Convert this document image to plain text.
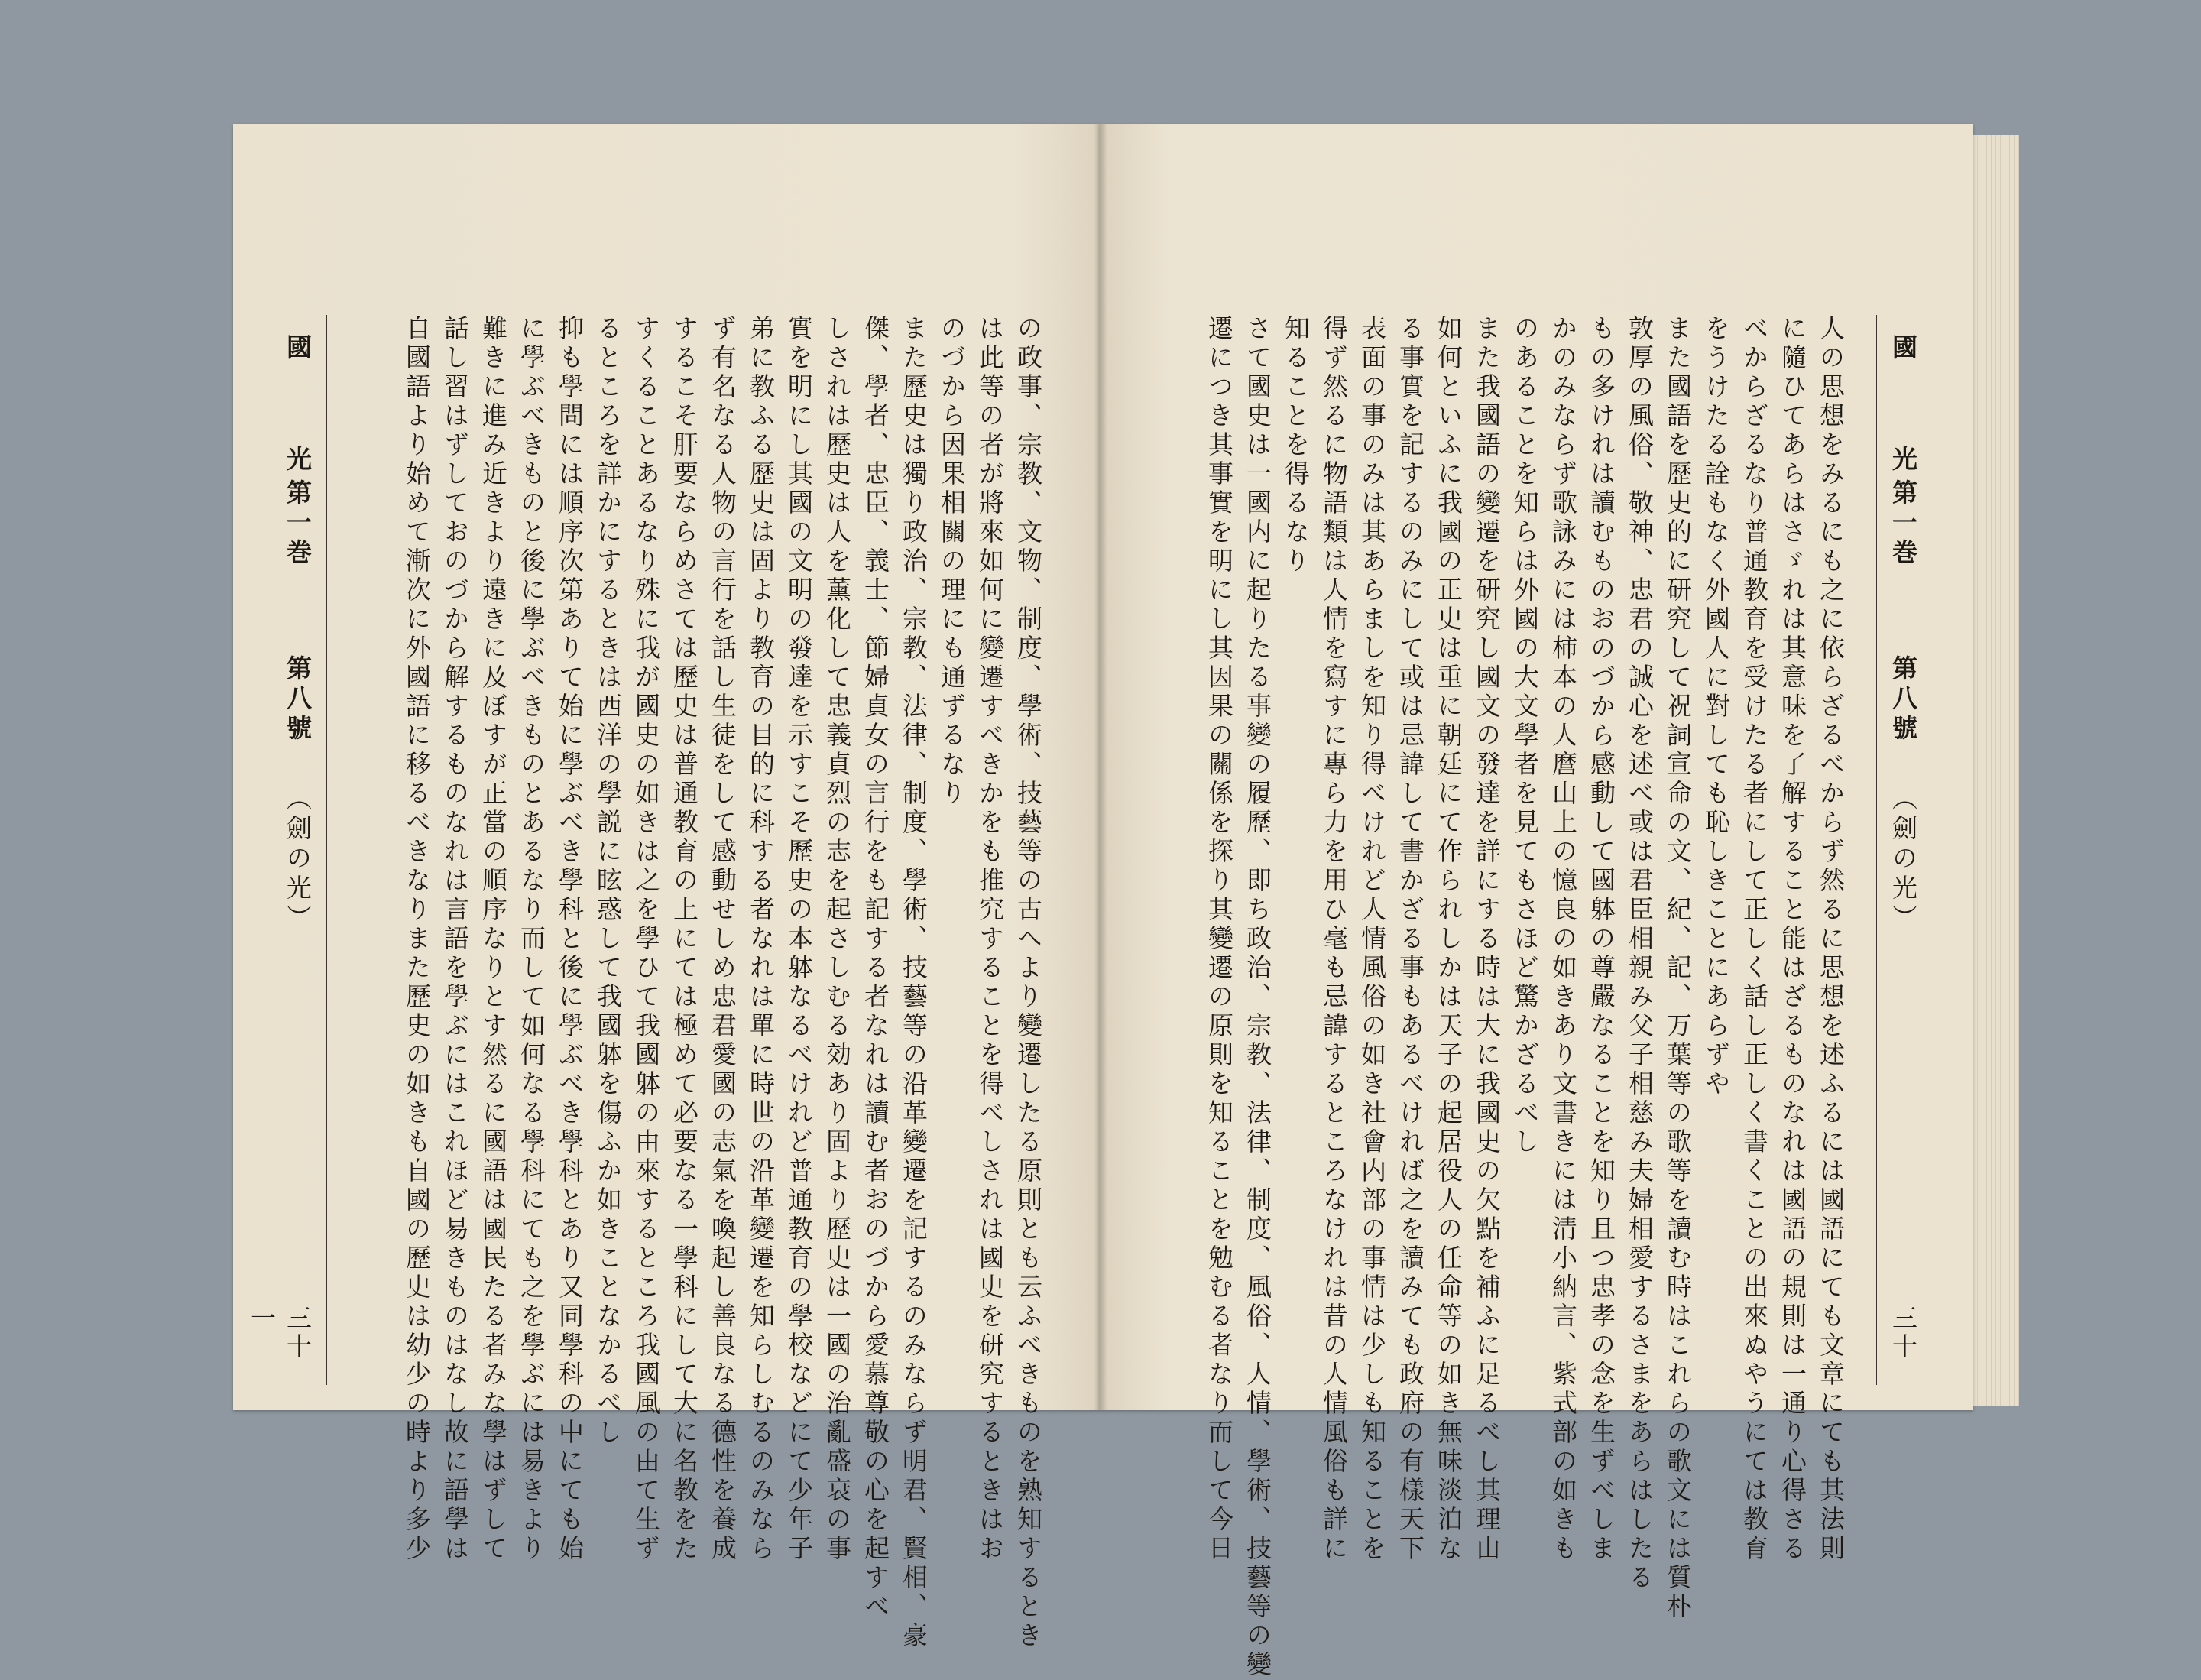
國　光
第一巻
第八號
（劍の光）
三十一	の政事、宗教、文物、制度、學術、技藝等の古へより變遷したる原則とも云ふべきものを熟知するとき

は此等の者が將來如何に變遷すべきかをも推究することを得べしされは國史を研究するときはお

のづから因果相關の理にも通ずるなり

また歷史は獨り政治、宗教、法律、制度、學術、技藝等の沿革變遷を記するのみならず明君、賢相、豪

傑、學者、忠臣、義士、節婦貞女の言行をも記する者なれは讀む者おのづから愛慕尊敬の心を起すべ

しされは歷史は人を薰化して忠義貞烈の志を起さしむる効あり固より歷史は一國の治亂盛衰の事

實を明にし其國の文明の發達を示すこそ歷史の本躰なるべけれど普通教育の學校などにて少年子

弟に教ふる歷史は固より教育の目的に科する者なれは單に時世の沿革變遷を知らしむるのみなら

ず有名なる人物の言行を話し生徒をして感動せしめ忠君愛國の志氣を喚起し善良なる德性を養成

するこそ肝要ならめさては歷史は普通教育の上にては極めて必要なる一學科にして大に名教をた

すくることあるなり殊に我が國史の如きは之を學ひて我國躰の由來するところ我國風の由て生ず

るところを詳かにするときは西洋の學説に眩惑して我國躰を傷ふか如きことなかるべし

抑も學問には順序次第ありて始に學ぶべき學科と後に學ぶべき學科とあり又同學科の中にても始

に學ぶべきものと後に學ぶべきものとあるなり而して如何なる學科にても之を學ぶには易きより

難きに進み近きより遠きに及ぼすが正當の順序なりとす然るに國語は國民たる者みな學はずして

話し習はずしておのづから解するものなれは言語を學ぶにはこれほど易きものはなし故に語學は

自國語より始めて漸次に外國語に移るべきなりまた歷史の如きも自國の歷史は幼少の時より多少	國　光
第一巻
第八號
（劍の光）
三十

人の思想をみるにも之に依らざるべからず然るに思想を述ふるには國語にても文章にても其法則

に隨ひてあらはさゞれは其意味を了解すること能はざるものなれは國語の規則は一通り心得さる

べからざるなり普通教育を受けたる者にして正しく話し正しく書くことの出來ぬやうにては教育

をうけたる詮もなく外國人に對しても恥しきことにあらずや

また國語を歷史的に研究して祝詞宣命の文、紀、記、万葉等の歌等を讀む時はこれらの歌文には質朴

敦厚の風俗、敬神、忠君の誠心を述べ或は君臣相親み父子相慈み夫婦相愛するさまをあらはしたる

もの多けれは讀むものおのづから感動して國躰の尊嚴なることを知り且つ忠孝の念を生ずべしま

かのみならず歌詠みには柿本の人麿山上の憶良の如きあり文書きには清小納言、紫式部の如きも

のあることを知らは外國の大文學者を見てもさほど驚かざるべし

また我國語の變遷を研究し國文の發達を詳にする時は大に我國史の欠點を補ふに足るべし其理由

如何といふに我國の正史は重に朝廷にて作られしかは天子の起居役人の任命等の如き無味淡泊な

る事實を記するのみにして或は忌諱して書かざる事もあるべければ之を讀みても政府の有樣天下

表面の事のみは其あらましを知り得べけれど人情風俗の如き社會内部の事情は少しも知ることを

得ず然るに物語類は人情を寫すに專ら力を用ひ毫も忌諱するところなけれは昔の人情風俗も詳に

知ることを得るなり

さて國史は一國内に起りたる事變の履歷、即ち政治、宗教、法律、制度、風俗、人情、學術、技藝等の變

遷につき其事實を明にし其因果の關係を探り其變遷の原則を知ることを勉むる者なり而して今日
